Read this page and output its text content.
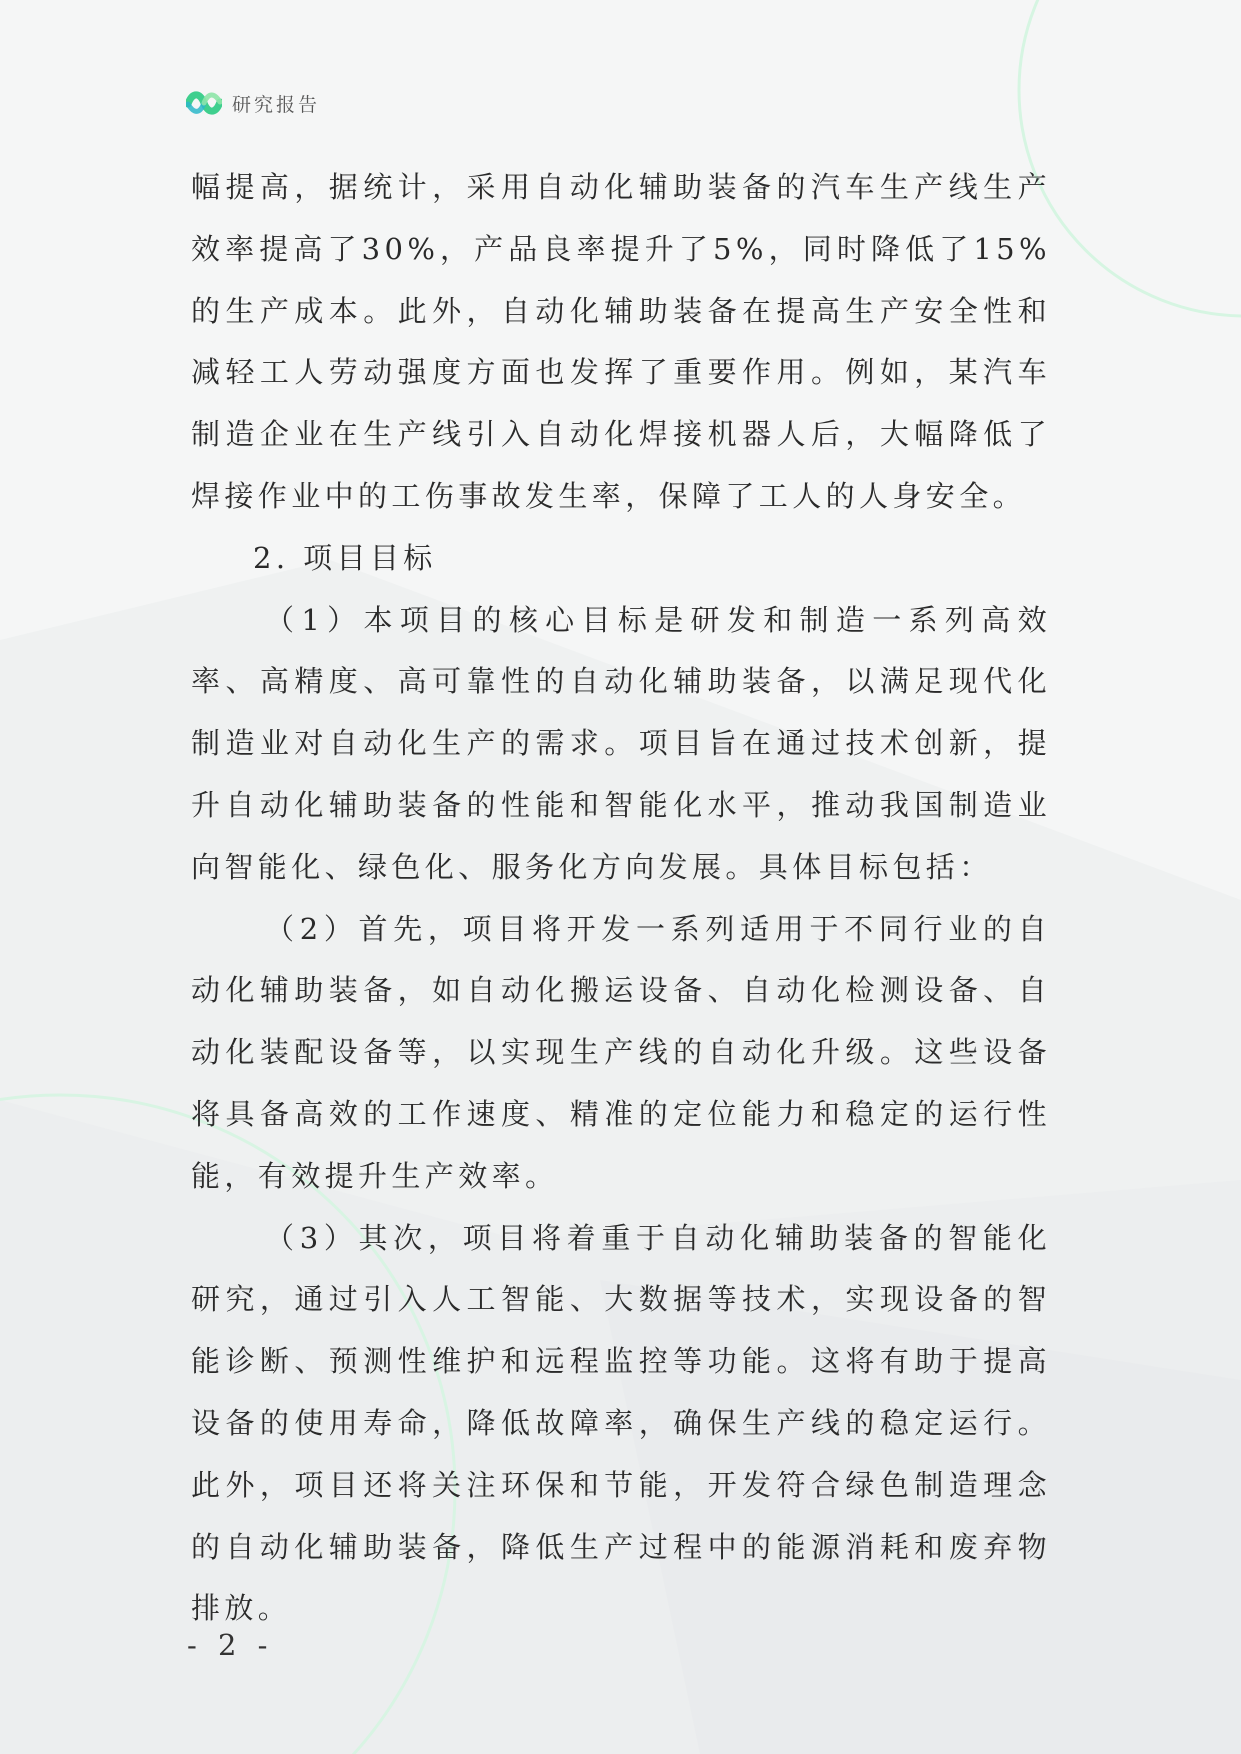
研究报告

幅提高，据统计，采用自动化辅助装备的汽车生产线生产效率提高了30%，产品良率提升了5%，同时降低了15%的生产成本。此外，自动化辅助装备在提高生产安全性和减轻工人劳动强度方面也发挥了重要作用。例如，某汽车制造企业在生产线引入自动化焊接机器人后，大幅降低了焊接作业中的工伤事故发生率，保障了工人的人身安全。

2. 项目目标

（1）本项目的核心目标是研发和制造一系列高效率、高精度、高可靠性的自动化辅助装备，以满足现代化制造业对自动化生产的需求。项目旨在通过技术创新，提升自动化辅助装备的性能和智能化水平，推动我国制造业向智能化、绿色化、服务化方向发展。具体目标包括：

（2）首先，项目将开发一系列适用于不同行业的自动化辅助装备，如自动化搬运设备、自动化检测设备、自动化装配设备等，以实现生产线的自动化升级。这些设备将具备高效的工作速度、精准的定位能力和稳定的运行性能，有效提升生产效率。

（3）其次，项目将着重于自动化辅助装备的智能化研究，通过引入人工智能、大数据等技术，实现设备的智能诊断、预测性维护和远程监控等功能。这将有助于提高设备的使用寿命，降低故障率，确保生产线的稳定运行。此外，项目还将关注环保和节能，开发符合绿色制造理念的自动化辅助装备，降低生产过程中的能源消耗和废弃物排放。

- 2 -
